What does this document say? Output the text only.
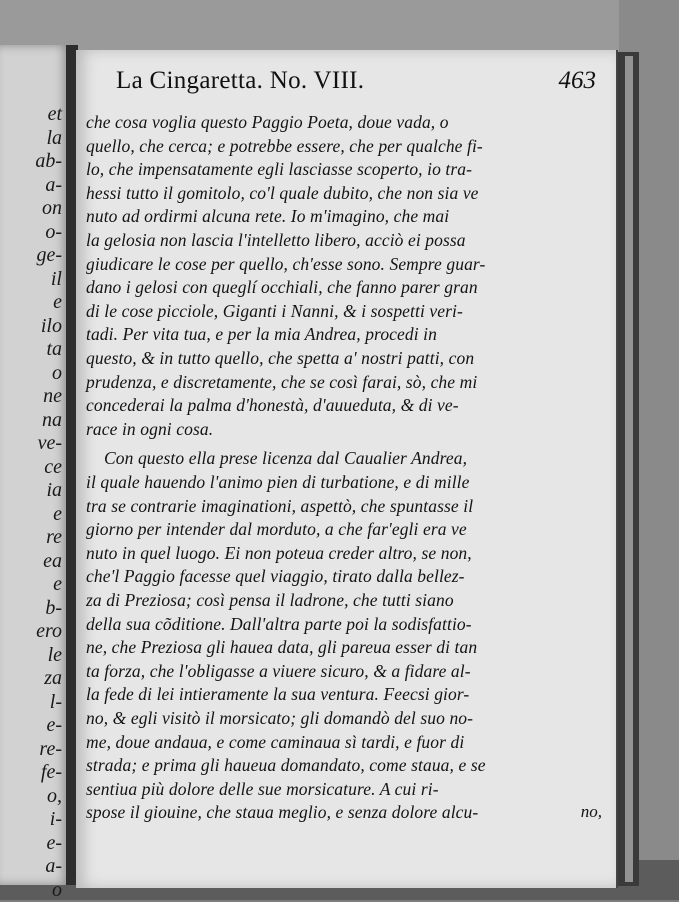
et
la
ab-
a-
on
o-
ge-
il
e
ilo
ta
o
ne
na
ve-
ce
ia
e
re
ea
e
b-
ero
le
za
l-
e-
re-
fe-
o,
i-
e-
a-
o
La Cingaretta. No. VIII.	463
che cosa voglia questo Paggio Poeta, doue vada, o
quello, che cerca; e potrebbe essere, che per qualche fi-
lo, che impensatamente egli lasciasse scoperto, io tra-
hessi tutto il gomitolo, co'l quale dubito, che non sia ve
nuto ad ordirmi alcuna rete. Io m'imagino, che mai
la gelosia non lascia l'intelletto libero, acciò ei possa
giudicare le cose per quello, ch'esse sono. Sempre guar-
dano i gelosi con queglí occhiali, che fanno parer gran
di le cose picciole, Giganti i Nanni, & i sospetti veri-
tadi. Per vita tua, e per la mia Andrea, procedi in
questo, & in tutto quello, che spetta a' nostri patti, con
prudenza, e discretamente, che se così farai, sò, che mi
concederai la palma d'honestà, d'auueduta, & di ve-
race in ogni cosa.
Con questo ella prese licenza dal Caualier Andrea,
il quale hauendo l'animo pien di turbatione, e di mille
tra se contrarie imaginationi, aspettò, che spuntasse il
giorno per intender dal morduto, a che far'egli era ve
nuto in quel luogo. Ei non poteua creder altro, se non,
che'l Paggio facesse quel viaggio, tirato dalla bellez-
za di Preziosa; così pensa il ladrone, che tutti siano
della sua cõditione. Dall'altra parte poi la sodisfattio-
ne, che Preziosa gli haueа data, gli pareua esser di tan
ta forza, che l'obligasse a viuere sicuro, & a fidare al-
la fede di lei intieramente la sua ventura. Feecsi gior-
no, & egli visitò il morsicato; gli domandò del suo no-
me, doue andaua, e come caminaua sì tardi, e fuor di
strada; e prima gli haueua domandato, come staua, e se
sentiua più dolore delle sue morsicature. A cui ri-
spose il giouine, che staua meglio, e senza dolore alcu-	no,
